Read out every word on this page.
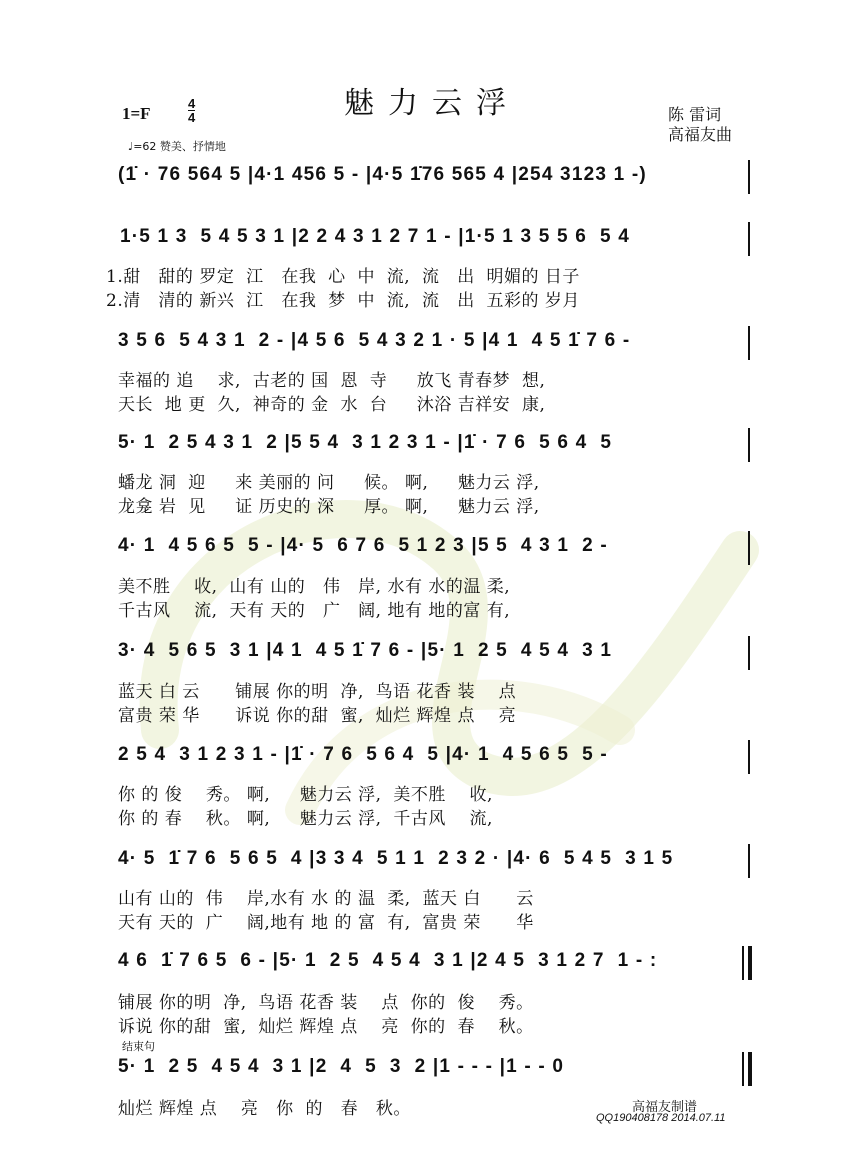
魅力云浮
1=F
4
4
♩=62 赞美、抒情地
陈 雷词
高福友曲
(1̇ · 76 564 5 |4·1 456 5 - |4·5 1̇76 565 4 |254 3123 1 -)
1·5 1 3  5 4 5 3 1 |2 2 4 3 1 2 7 1 - |1·5 1 3 5 5 6  5 4
1.甜   甜的 罗定  江   在我  心  中  流,  流   出  明媚的 日子
2.清   清的 新兴  江   在我  梦  中  流,  流   出  五彩的 岁月
3 5 6  5 4 3 1  2 - |4 5 6  5 4 3 2 1 · 5 |4 1  4 5 1̇ 7 6 -
幸福的 追    求,  古老的 国  恩  寺     放飞 青春梦  想,
天长  地 更  久,  神奇的 金  水  台     沐浴 吉祥安  康,
5· 1  2 5 4 3 1  2 |5 5 4  3 1 2 3 1 - |1̇ · 7 6  5 6 4  5
蟠龙 洞  迎     来 美丽的 问     候。 啊,     魅力云 浮,
龙龛 岩  见     证 历史的 深     厚。 啊,     魅力云 浮,
4· 1  4 5 6 5  5 - |4· 5  6 7 6  5 1 2 3 |5 5  4 3 1  2 -
美不胜    收,  山有 山的   伟   岸, 水有 水的温 柔,
千古风    流,  天有 天的   广   阔, 地有 地的富 有,
3· 4  5 6 5  3 1 |4 1  4 5 1̇ 7 6 - |5· 1  2 5  4 5 4  3 1
蓝天 白 云      铺展 你的明  净,  鸟语 花香 装    点
富贵 荣 华      诉说 你的甜  蜜,  灿烂 辉煌 点    亮
2 5 4  3 1 2 3 1 - |1̇ · 7 6  5 6 4  5 |4· 1  4 5 6 5  5 -
你 的 俊    秀。 啊,     魅力云 浮,  美不胜    收,
你 的 春    秋。 啊,     魅力云 浮,  千古风    流,
4· 5  1̇ 7 6  5 6 5  4 |3 3 4  5 1 1  2 3 2 · |4· 6  5 4 5  3 1 5
山有 山的  伟    岸,水有 水 的 温  柔,  蓝天 白      云
天有 天的  广    阔,地有 地 的 富  有,  富贵 荣      华
4 6  1̇ 7 6 5  6 - |5· 1  2 5  4 5 4  3 1 |2 4 5  3 1 2 7  1 - :
铺展 你的明  净,  鸟语 花香 装    点  你的  俊    秀。
诉说 你的甜  蜜,  灿烂 辉煌 点    亮  你的  春    秋。
结束句
5· 1  2 5  4 5 4  3 1 |2  4  5  3  2 |1 - - - |1 - - 0
灿烂 辉煌 点    亮   你  的   春   秋。	高福友制谱
QQ190408178 2014.07.11
